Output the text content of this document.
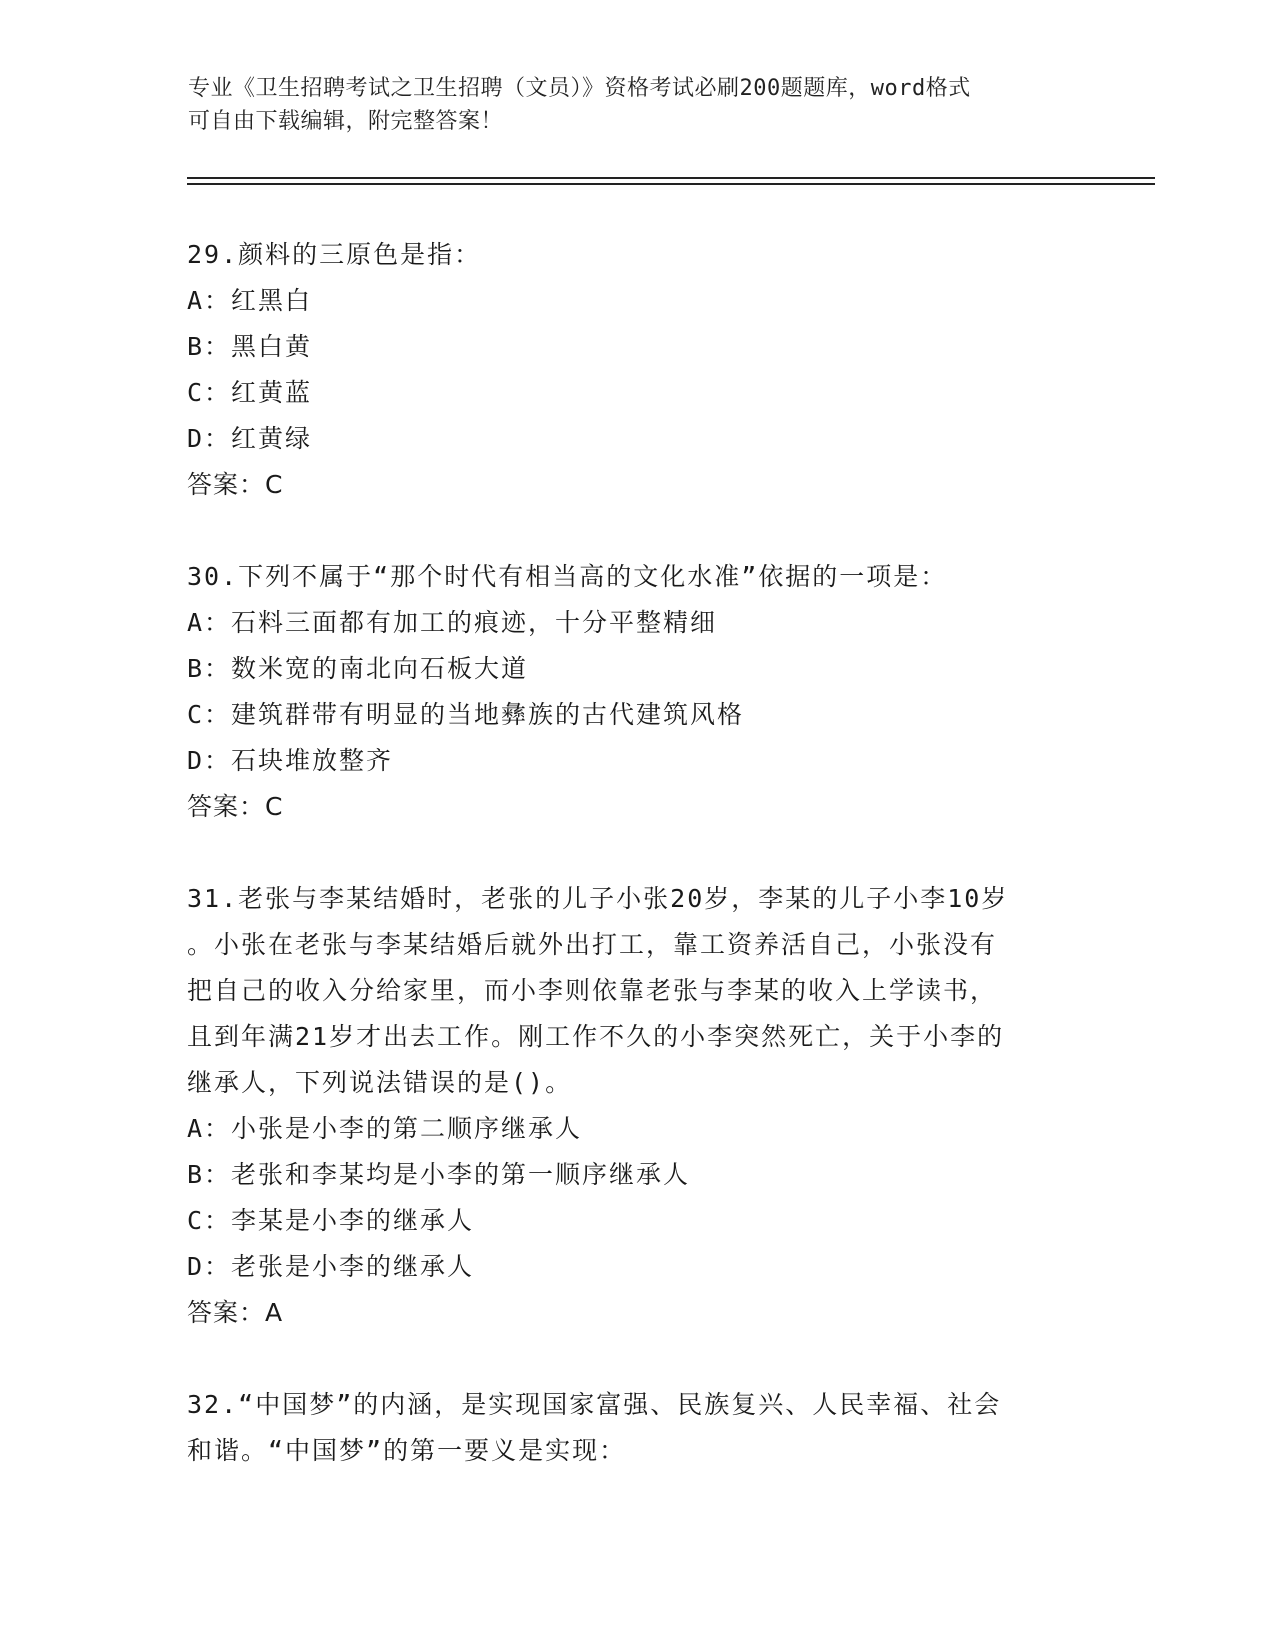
专业《卫生招聘考试之卫生招聘（文员）》资格考试必刷200题题库，word格式
可自由下载编辑，附完整答案！
29.颜料的三原色是指：
A：红黑白
B：黑白黄
C：红黄蓝
D：红黄绿
答案：C
30.下列不属于“那个时代有相当高的文化水准”依据的一项是：
A：石料三面都有加工的痕迹，十分平整精细
B：数米宽的南北向石板大道
C：建筑群带有明显的当地彝族的古代建筑风格
D：石块堆放整齐
答案：C
31.老张与李某结婚时，老张的儿子小张20岁，李某的儿子小李10岁
。小张在老张与李某结婚后就外出打工，靠工资养活自己，小张没有
把自己的收入分给家里，而小李则依靠老张与李某的收入上学读书，
且到年满21岁才出去工作。刚工作不久的小李突然死亡，关于小李的
继承人，下列说法错误的是()。
A：小张是小李的第二顺序继承人
B：老张和李某均是小李的第一顺序继承人
C：李某是小李的继承人
D：老张是小李的继承人
答案：A
32.“中国梦”的内涵，是实现国家富强、民族复兴、人民幸福、社会
和谐。“中国梦”的第一要义是实现：
